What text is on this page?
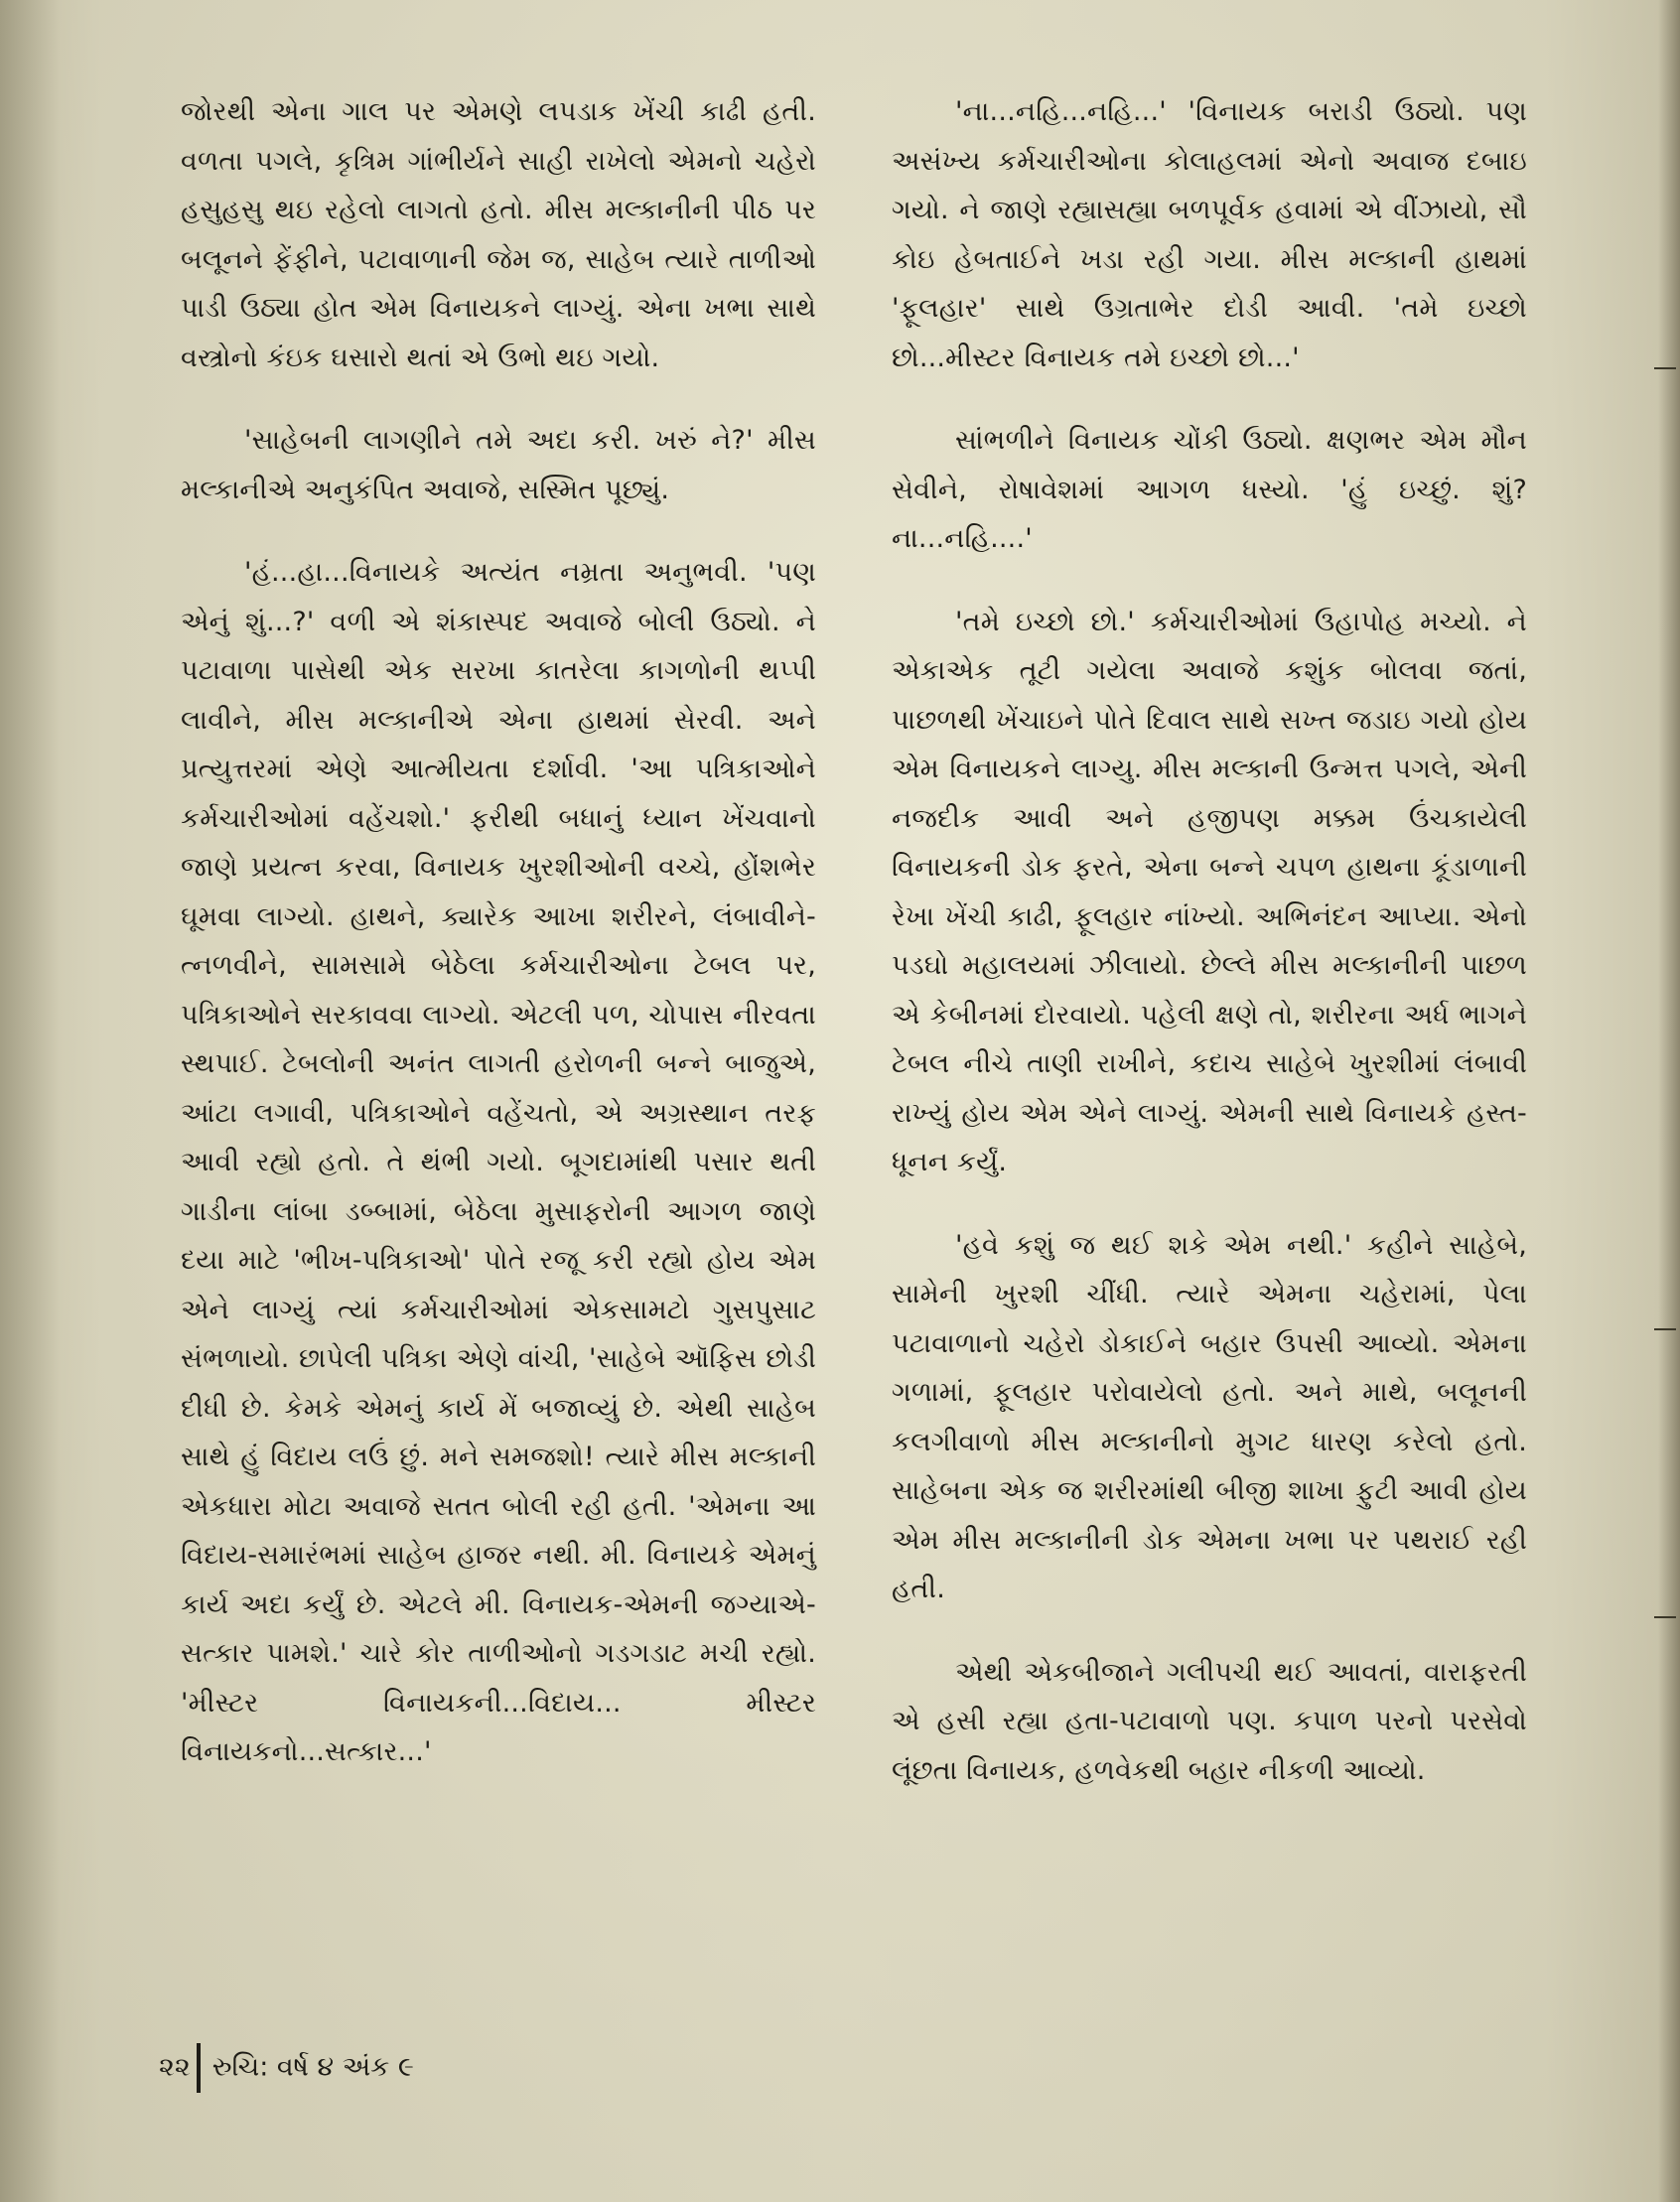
જોરથી એના ગાલ પર એમણે લપડાક ખેંચી કાઢી હતી. વળતા પગલે, કૃત્રિમ ગાંભીર્યને સાહી રાખેલો એમનો ચહેરો હસુહસુ થઇ રહેલો લાગતો હતો. મીસ મલ્કાનીની પીઠ પર બલૂનને ફેંફીને, પટાવાળાની જેમ જ, સાહેબ ત્યારે તાળીઓ પાડી ઉઠ્યા હોત એમ વિનાયકને લાગ્યું. એના ખભા સાથે વસ્ત્રોનો કંઇક ઘસારો થતાં એ ઉભો થઇ ગયો.

'સાહેબની લાગણીને તમે અદા કરી. ખરું ને?' મીસ મલ્કાનીએ અનુકંપિત અવાજે, સસ્મિત પૂછ્યું.

'હં...હા...વિનાયકે અત્યંત નમ્રતા અનુભવી. 'પણ એનું શું...?' વળી એ શંકાસ્પદ અવાજે બોલી ઉઠ્યો. ને પટાવાળા પાસેથી એક સરખા કાતરેલા કાગળોની થપ્પી લાવીને, મીસ મલ્કાનીએ એના હાથમાં સેરવી. અને પ્રત્યુત્તરમાં એણે આત્મીયતા દર્શાવી. 'આ પત્રિકાઓને કર્મચારીઓમાં વહેંચશો.' ફરીથી બધાનું ધ્યાન ખેંચવાનો જાણે પ્રયત્ન કરવા, વિનાયક ખુરશીઓની વચ્ચે, હોંશભેર ઘૂમવા લાગ્યો. હાથને, ક્યારેક આખા શરીરને, લંબાવીને-ત્નળવીને, સામસામે બેઠેલા કર્મચારીઓના ટેબલ પર, પત્રિકાઓને સરકાવવા લાગ્યો. એટલી પળ, ચોપાસ નીરવતા સ્થપાઈ. ટેબલોની અનંત લાગતી હરોળની બન્ને બાજુએ, આંટા લગાવી, પત્રિકાઓને વહેંચતો, એ અગ્રસ્થાન તરફ આવી રહ્યો હતો. તે થંભી ગયો. બૂગદામાંથી પસાર થતી ગાડીના લાંબા ડબ્બામાં, બેઠેલા મુસાફરોની આગળ જાણે દયા માટે 'ભીખ-પત્રિકાઓ' પોતે રજૂ કરી રહ્યો હોય એમ એને લાગ્યું ત્યાં કર્મચારીઓમાં એકસામટો ગુસપુસાટ સંભળાયો. છાપેલી પત્રિકા એણે વાંચી, 'સાહેબે ઑફિસ છોડી દીધી છે. કેમકે એમનું કાર્ય મેં બજાવ્યું છે. એથી સાહેબ સાથે હું વિદાય લઉં છું. મને સમજશો! ત્યારે મીસ મલ્કાની એકધારા મોટા અવાજે સતત બોલી રહી હતી. 'એમના આ વિદાય-સમારંભમાં સાહેબ હાજર નથી. મી. વિનાયકે એમનું કાર્ય અદા કર્યું છે. એટલે મી. વિનાયક-એમની જગ્યાએ-સત્કાર પામશે.' ચારે કોર તાળીઓનો ગડગડાટ મચી રહ્યો. 'મીસ્ટર વિનાયકની...વિદાય... મીસ્ટર વિનાયકનો...સત્કાર...'

'ના...નહિ...નહિ...' 'વિનાયક બરાડી ઉઠ્યો. પણ અસંખ્ય કર્મચારીઓના કોલાહલમાં એનો અવાજ દબાઇ ગયો. ને જાણે રહ્યાસહ્યા બળપૂર્વક હવામાં એ વીંઝાયો, સૌ કોઇ હેબતાઈને ખડા રહી ગયા. મીસ મલ્કાની હાથમાં 'ફૂલહાર' સાથે ઉગ્રતાભેર દોડી આવી. 'તમે ઇચ્છો છો...મીસ્ટર વિનાયક તમે ઇચ્છો છો...'

સાંભળીને વિનાયક ચોંકી ઉઠ્યો. ક્ષણભર એમ મૌન સેવીને, રોષાવેશમાં આગળ ધસ્યો. 'હું ઇચ્છું. શું? ના...નહિ....'

'તમે ઇચ્છો છો.' કર્મચારીઓમાં ઉહાપોહ મચ્યો. ને એકાએક તૂટી ગયેલા અવાજે કશુંક બોલવા જતાં, પાછળથી ખેંચાઇને પોતે દિવાલ સાથે સખ્ત જડાઇ ગયો હોય એમ વિનાયકને લાગ્યુ. મીસ મલ્કાની ઉન્મત્ત પગલે, એની નજદીક આવી અને હજીપણ મક્કમ ઉંચકાયેલી વિનાયકની ડોક ફરતે, એના બન્ને ચપળ હાથના કૂંડાળાની રેખા ખેંચી કાઢી, ફૂલહાર નાંખ્યો. અભિનંદન આપ્યા. એનો પડઘો મહાલયમાં ઝીલાયો. છેલ્લે મીસ મલ્કાનીની પાછળ એ કેબીનમાં દોરવાયો. પહેલી ક્ષણે તો, શરીરના અર્ધ ભાગને ટેબલ નીચે તાણી રાખીને, કદાચ સાહેબે ખુરશીમાં લંબાવી રાખ્યું હોય એમ એને લાગ્યું. એમની સાથે વિનાયકે હસ્ત-ધૂનન કર્યું.

'હવે કશું જ થઈ શકે એમ નથી.' કહીને સાહેબે, સામેની ખુરશી ચીંધી. ત્યારે એમના ચહેરામાં, પેલા પટાવાળાનો ચહેરો ડોકાઈને બહાર ઉપસી આવ્યો. એમના ગળામાં, ફૂલહાર પરોવાયેલો હતો. અને માથે, બલૂનની કલગીવાળો મીસ મલ્કાનીનો મુગટ ધારણ કરેલો હતો. સાહેબના એક જ શરીરમાંથી બીજી શાખા ફુટી આવી હોય એમ મીસ મલ્કાનીની ડોક એમના ખભા પર પથરાઈ રહી હતી.

એથી એકબીજાને ગલીપચી થઈ આવતાં, વારાફરતી એ હસી રહ્યા હતા-પટાવાળો પણ. કપાળ પરનો પરસેવો લૂંછતા વિનાયક, હળવેકથી બહાર નીકળી આવ્યો.

૨૨ રુચિ: વર્ષ ૪ અંક ૯
